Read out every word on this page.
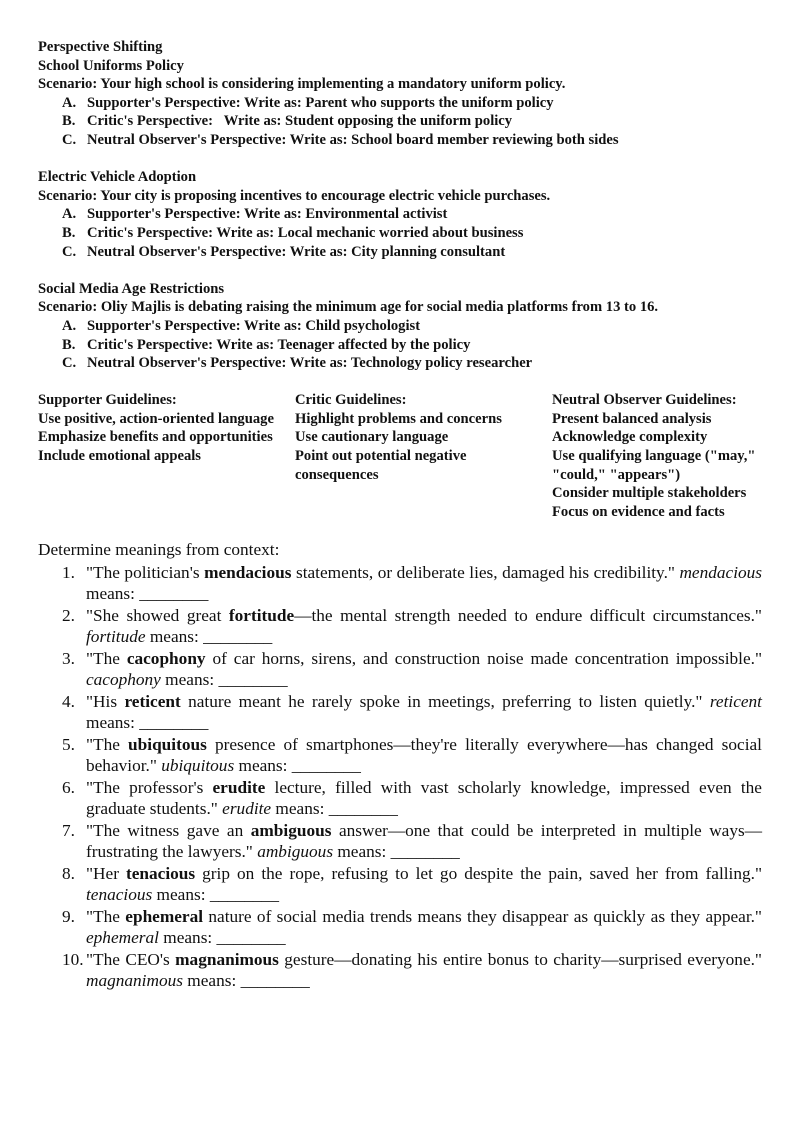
Perspective Shifting
School Uniforms Policy
Scenario: Your high school is considering implementing a mandatory uniform policy.
A. Supporter's Perspective: Write as: Parent who supports the uniform policy
B. Critic's Perspective:   Write as: Student opposing the uniform policy
C. Neutral Observer's Perspective: Write as: School board member reviewing both sides
Electric Vehicle Adoption
Scenario: Your city is proposing incentives to encourage electric vehicle purchases.
A. Supporter's Perspective: Write as: Environmental activist
B. Critic's Perspective: Write as: Local mechanic worried about business
C. Neutral Observer's Perspective: Write as: City planning consultant
Social Media Age Restrictions
Scenario: Oliy Majlis is debating raising the minimum age for social media platforms from 13 to 16.
A. Supporter's Perspective: Write as: Child psychologist
B. Critic's Perspective: Write as: Teenager affected by the policy
C. Neutral Observer's Perspective: Write as: Technology policy researcher
Supporter Guidelines:
Use positive, action-oriented language
Emphasize benefits and opportunities
Include emotional appeals
Critic Guidelines:
Highlight problems and concerns
Use cautionary language
Point out potential negative consequences
Neutral Observer Guidelines:
Present balanced analysis
Acknowledge complexity
Use qualifying language ("may," "could," "appears")
Consider multiple stakeholders
Focus on evidence and facts
Determine meanings from context:
1. "The politician's mendacious statements, or deliberate lies, damaged his credibility." mendacious means: ________
2. "She showed great fortitude—the mental strength needed to endure difficult circumstances." fortitude means: ________
3. "The cacophony of car horns, sirens, and construction noise made concentration impossible." cacophony means: ________
4. "His reticent nature meant he rarely spoke in meetings, preferring to listen quietly." reticent means: ________
5. "The ubiquitous presence of smartphones—they're literally everywhere—has changed social behavior." ubiquitous means: ________
6. "The professor's erudite lecture, filled with vast scholarly knowledge, impressed even the graduate students." erudite means: ________
7. "The witness gave an ambiguous answer—one that could be interpreted in multiple ways—frustrating the lawyers." ambiguous means: ________
8. "Her tenacious grip on the rope, refusing to let go despite the pain, saved her from falling." tenacious means: ________
9. "The ephemeral nature of social media trends means they disappear as quickly as they appear." ephemeral means: ________
10. "The CEO's magnanimous gesture—donating his entire bonus to charity—surprised everyone." magnanimous means: ________
